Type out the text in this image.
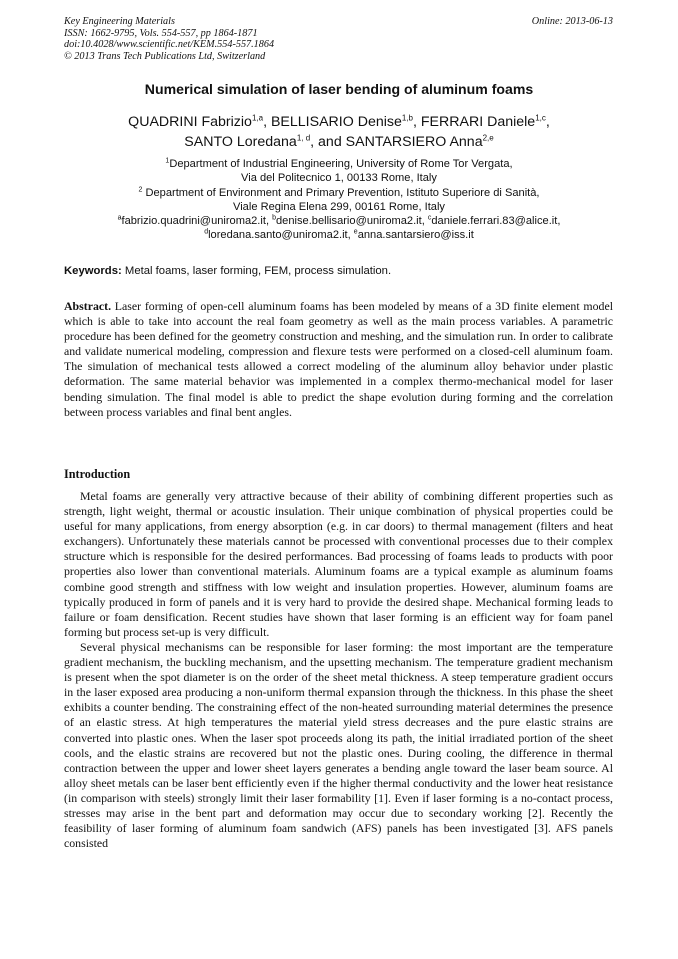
Key Engineering Materials
ISSN: 1662-9795, Vols. 554-557, pp 1864-1871
doi:10.4028/www.scientific.net/KEM.554-557.1864
© 2013 Trans Tech Publications Ltd, Switzerland
Online: 2013-06-13
Numerical simulation of laser bending of aluminum foams
QUADRINI Fabrizio$^{1,a}$, BELLISARIO Denise$^{1,b}$, FERRARI Daniele$^{1,c}$,
SANTO Loredana$^{1, d}$, and SANTARSIERO Anna$^{2,e}$
$^1$Department of Industrial Engineering, University of Rome Tor Vergata,
Via del Politecnico 1, 00133 Rome, Italy
$^2$ Department of Environment and Primary Prevention, Istituto Superiore di Sanità,
Viale Regina Elena 299, 00161 Rome, Italy
$^a$fabrizio.quadrini@uniroma2.it, $^b$denise.bellisario@uniroma2.it, $^c$daniele.ferrari.83@alice.it,
$^d$loredana.santo@uniroma2.it, $^e$anna.santarsiero@iss.it
Keywords: Metal foams, laser forming, FEM, process simulation.
Abstract. Laser forming of open-cell aluminum foams has been modeled by means of a 3D finite element model which is able to take into account the real foam geometry as well as the main process variables. A parametric procedure has been defined for the geometry construction and meshing, and the simulation run. In order to calibrate and validate numerical modeling, compression and flexure tests were performed on a closed-cell aluminum foam. The simulation of mechanical tests allowed a correct modeling of the aluminum alloy behavior under plastic deformation. The same material behavior was implemented in a complex thermo-mechanical model for laser bending simulation. The final model is able to predict the shape evolution during forming and the correlation between process variables and final bent angles.
Introduction

Metal foams are generally very attractive because of their ability of combining different properties such as strength, light weight, thermal or acoustic insulation. Their unique combination of physical properties could be useful for many applications, from energy absorption (e.g. in car doors) to thermal management (filters and heat exchangers). Unfortunately these materials cannot be processed with conventional processes due to their complex structure which is responsible for the desired performances. Bad processing of foams leads to products with poor properties also lower than conventional materials. Aluminum foams are a typical example as aluminum foams combine good strength and stiffness with low weight and insulation properties. However, aluminum foams are typically produced in form of panels and it is very hard to provide the desired shape. Mechanical forming leads to failure or foam densification. Recent studies have shown that laser forming is an efficient way for foam panel forming but process set-up is very difficult.

Several physical mechanisms can be responsible for laser forming: the most important are the temperature gradient mechanism, the buckling mechanism, and the upsetting mechanism. The temperature gradient mechanism is present when the spot diameter is on the order of the sheet metal thickness. A steep temperature gradient occurs in the laser exposed area producing a non-uniform thermal expansion through the thickness. In this phase the sheet exhibits a counter bending. The constraining effect of the non-heated surrounding material determines the presence of an elastic stress. At high temperatures the material yield stress decreases and the pure elastic strains are converted into plastic ones. When the laser spot proceeds along its path, the initial irradiated portion of the sheet cools, and the elastic strains are recovered but not the plastic ones. During cooling, the difference in thermal contraction between the upper and lower sheet layers generates a bending angle toward the laser beam source. Al alloy sheet metals can be laser bent efficiently even if the higher thermal conductivity and the lower heat resistance (in comparison with steels) strongly limit their laser formability [1]. Even if laser forming is a no-contact process, stresses may arise in the bent part and deformation may occur due to secondary working [2]. Recently the feasibility of laser forming of aluminum foam sandwich (AFS) panels has been investigated [3]. AFS panels consisted
